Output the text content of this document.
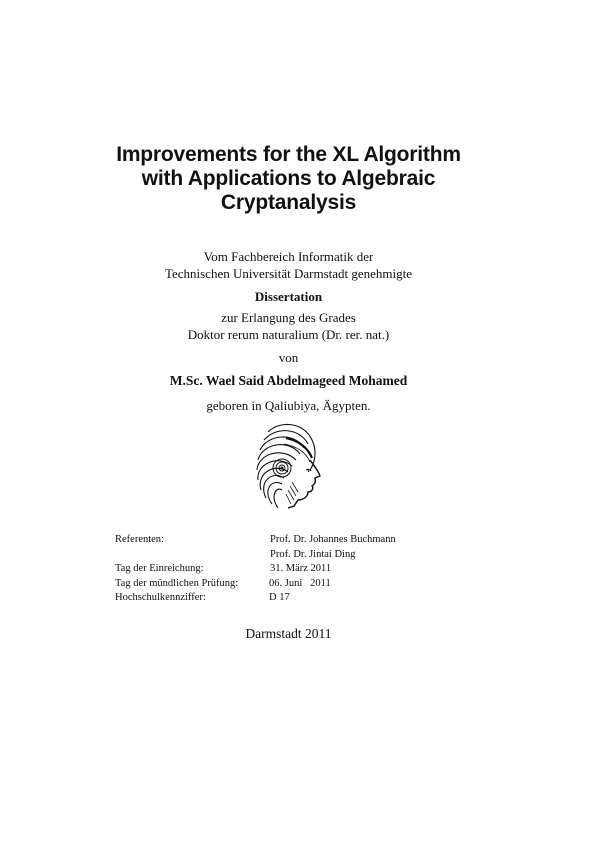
Improvements for the XL Algorithm
with Applications to Algebraic
Cryptanalysis
Vom Fachbereich Informatik der
Technischen Universität Darmstadt genehmigte
Dissertation
zur Erlangung des Grades
Doktor rerum naturalium (Dr. rer. nat.)
von
M.Sc. Wael Said Abdelmageed Mohamed
geboren in Qaliubiya, Ägypten.
Referenten:	Prof. Dr. Johannes Buchmann
Prof. Dr. Jintai Ding
Tag der Einreichung:	31. März 2011
Tag der mündlichen Prüfung:	06. Juni   2011
Hochschulkennziffer:	D 17
Darmstadt 2011
